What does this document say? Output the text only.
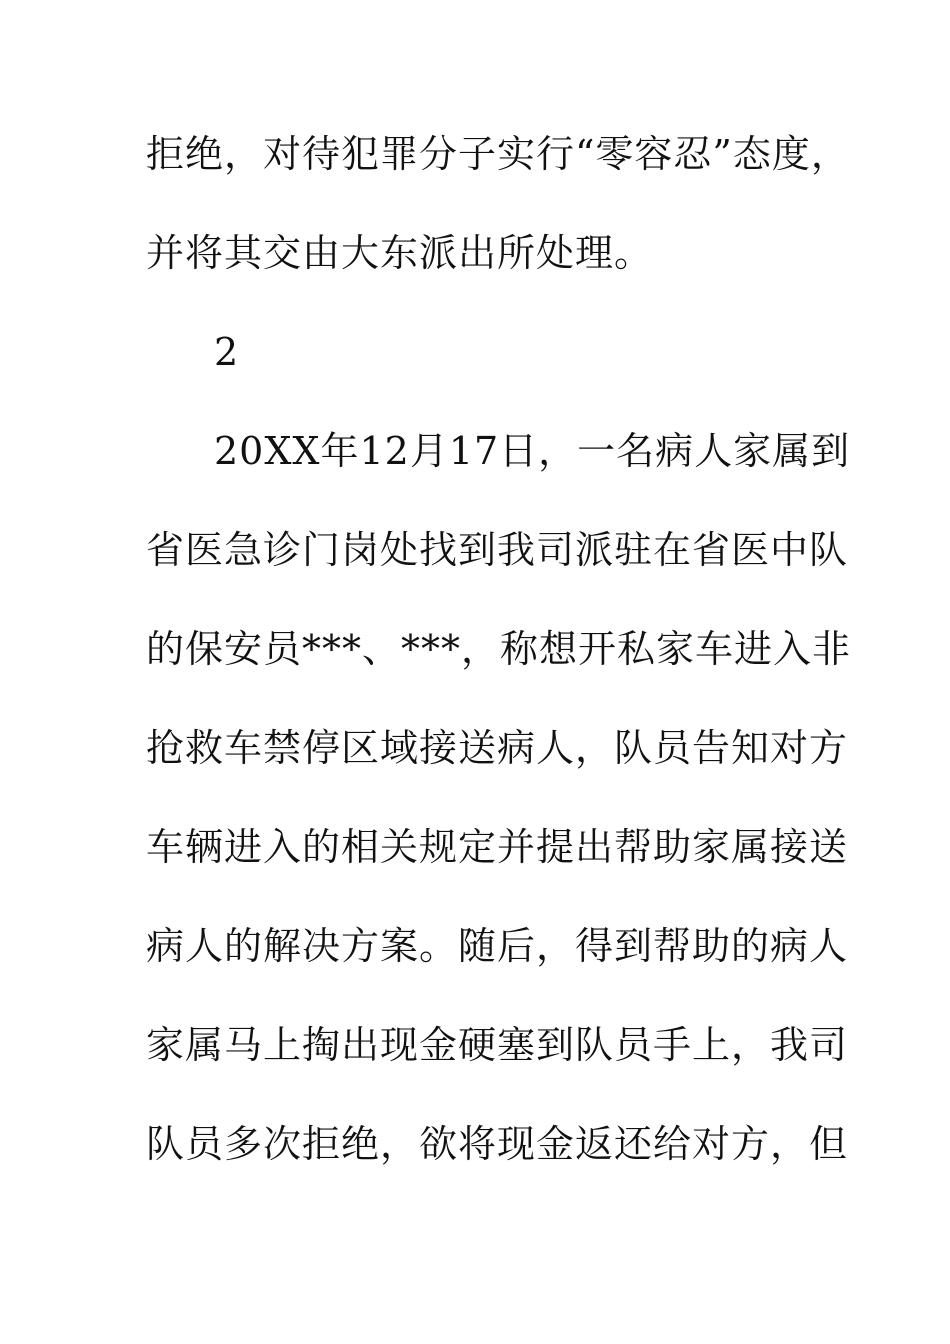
拒绝，对待犯罪分子实行“零容忍”态度，
并将其交由大东派出所处理。
2
20XX年12月17日，一名病人家属到
省医急诊门岗处找到我司派驻在省医中队
的保安员***、***，称想开私家车进入非
抢救车禁停区域接送病人，队员告知对方
车辆进入的相关规定并提出帮助家属接送
病人的解决方案。随后，得到帮助的病人
家属马上掏出现金硬塞到队员手上，我司
队员多次拒绝，欲将现金返还给对方，但
